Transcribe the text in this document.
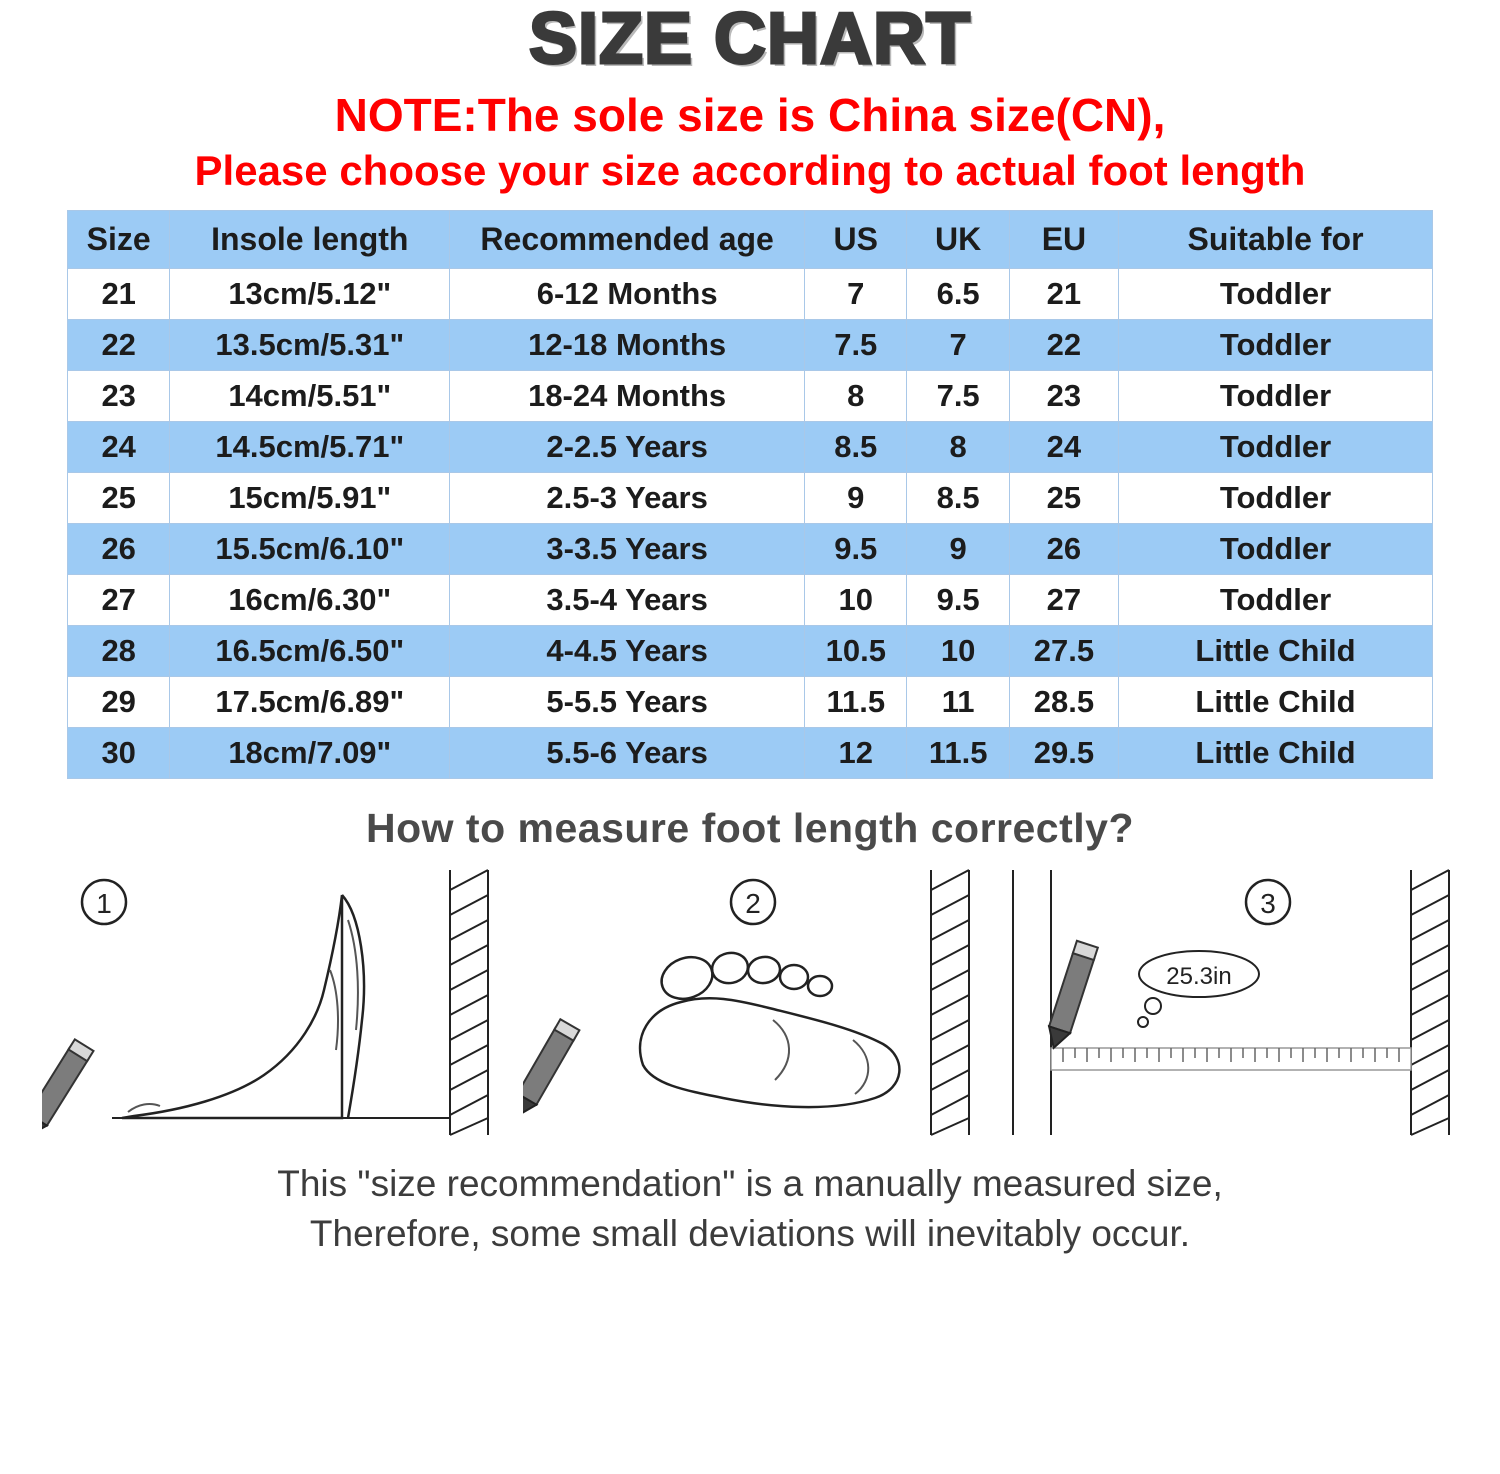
SIZE CHART
NOTE:The sole size is China size(CN),
Please choose your size according to actual foot length
Size	Insole length	Recommended age	US	UK	EU	Suitable for
21	13cm/5.12"	6-12 Months	7	6.5	21	Toddler
22	13.5cm/5.31"	12-18 Months	7.5	7	22	Toddler
23	14cm/5.51"	18-24 Months	8	7.5	23	Toddler
24	14.5cm/5.71"	2-2.5 Years	8.5	8	24	Toddler
25	15cm/5.91"	2.5-3 Years	9	8.5	25	Toddler
26	15.5cm/6.10"	3-3.5 Years	9.5	9	26	Toddler
27	16cm/6.30"	3.5-4 Years	10	9.5	27	Toddler
28	16.5cm/6.50"	4-4.5 Years	10.5	10	27.5	Little Child
29	17.5cm/6.89"	5-5.5 Years	11.5	11	28.5	Little Child
30	18cm/7.09"	5.5-6 Years	12	11.5	29.5	Little Child
How to measure foot length correctly?
1	2
25.3in
3
This "size recommendation" is a manually measured size,
Therefore, some small deviations will inevitably occur.
